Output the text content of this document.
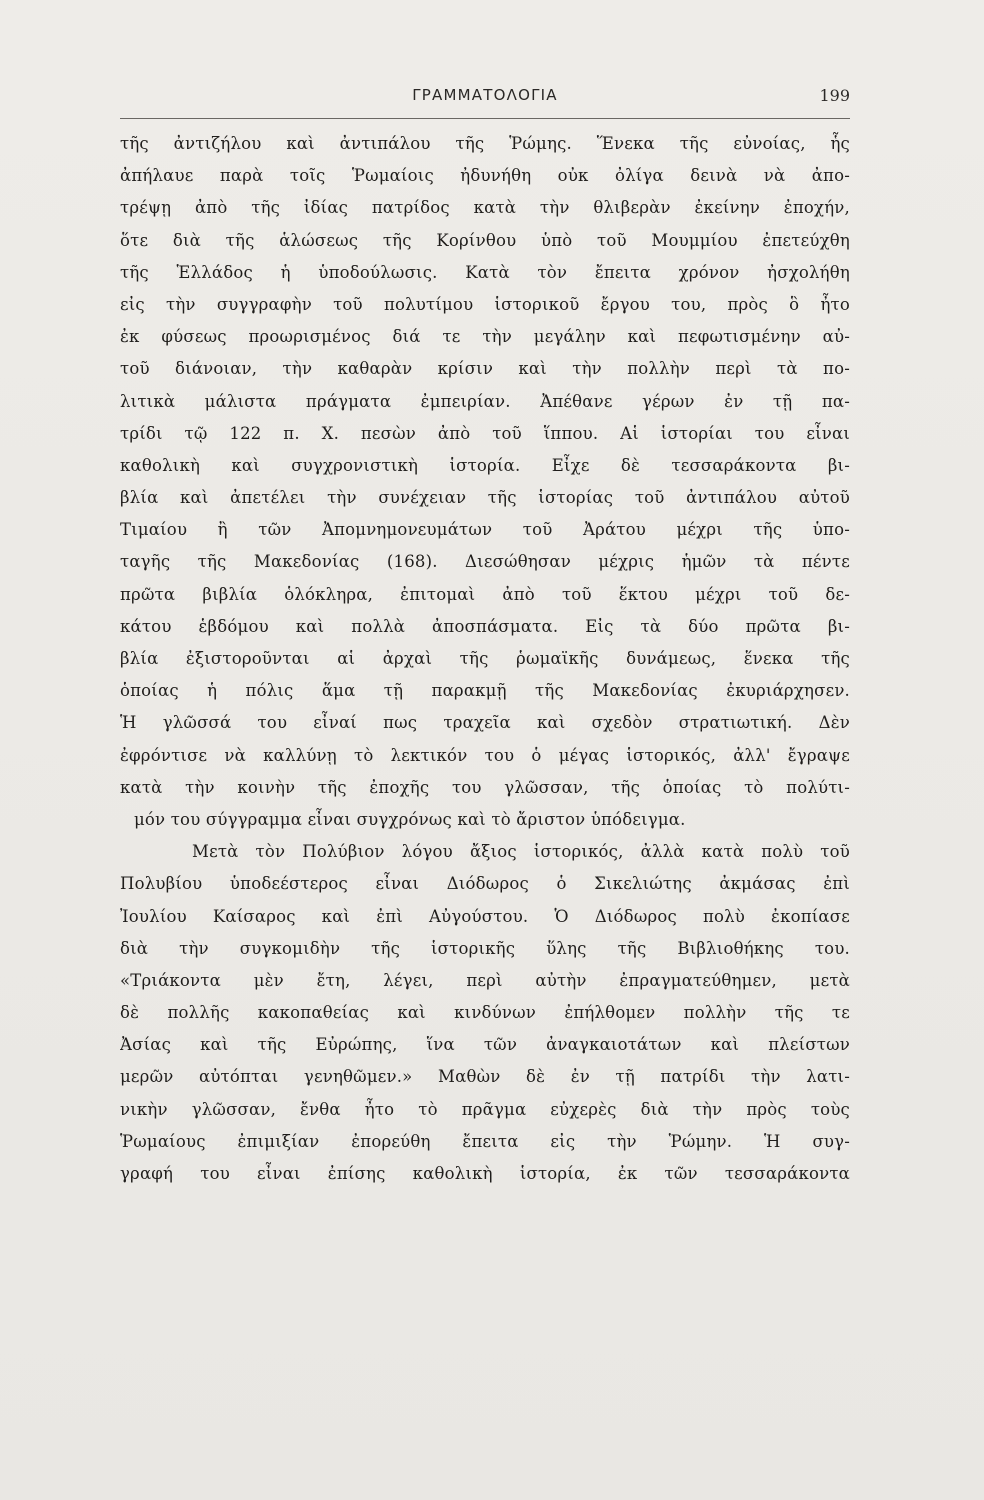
ΓΡΑΜΜΑΤΟΛΟΓΙΑ	199
τῆς ἀντιζήλου καὶ ἀντιπάλου τῆς Ῥώμης. Ἕνεκα τῆς εὐνοίας, ἧς
ἀπήλαυε παρὰ τοῖς Ῥωμαίοις ἠδυνήθη οὐκ ὀλίγα δεινὰ νὰ ἀπο-
τρέψῃ ἀπὸ τῆς ἰδίας πατρίδος κατὰ τὴν θλιβερὰν ἐκείνην ἐποχήν,
ὅτε διὰ τῆς ἁλώσεως τῆς Κορίνθου ὑπὸ τοῦ Μουμμίου ἐπετεύχθη
τῆς Ἑλλάδος ἡ ὑποδούλωσις. Κατὰ τὸν ἔπειτα χρόνον ἠσχολήθη
εἰς τὴν συγγραφὴν τοῦ πολυτίμου ἱστορικοῦ ἔργου του, πρὸς ὃ ἦτο
ἐκ φύσεως προωρισμένος διά τε τὴν μεγάλην καὶ πεφωτισμένην αὐ-
τοῦ διάνοιαν, τὴν καθαρὰν κρίσιν καὶ τὴν πολλὴν περὶ τὰ πο-
λιτικὰ μάλιστα πράγματα ἐμπειρίαν. Ἀπέθανε γέρων ἐν τῇ πα-
τρίδι τῷ 122 π. Χ. πεσὼν ἀπὸ τοῦ ἵππου. Αἱ ἱστορίαι του εἶναι
καθολικὴ καὶ συγχρονιστικὴ ἱστορία. Εἶχε δὲ τεσσαράκοντα βι-
βλία καὶ ἀπετέλει τὴν συνέχειαν τῆς ἱστορίας τοῦ ἀντιπάλου αὐτοῦ
Τιμαίου ἢ τῶν Ἀπομνημονευμάτων τοῦ Ἀράτου μέχρι τῆς ὑπο-
ταγῆς τῆς Μακεδονίας (168). Διεσώθησαν μέχρις ἡμῶν τὰ πέντε
πρῶτα βιβλία ὁλόκληρα, ἐπιτομαὶ ἀπὸ τοῦ ἕκτου μέχρι τοῦ δε-
κάτου ἑβδόμου καὶ πολλὰ ἀποσπάσματα. Εἰς τὰ δύο πρῶτα βι-
βλία ἐξιστοροῦνται αἱ ἀρχαὶ τῆς ῥωμαϊκῆς δυνάμεως, ἕνεκα τῆς
ὁποίας ἡ πόλις ἅμα τῇ παρακμῇ τῆς Μακεδονίας ἐκυριάρχησεν.
Ἡ γλῶσσά του εἶναί πως τραχεῖα καὶ σχεδὸν στρατιωτική. Δὲν
ἐφρόντισε νὰ καλλύνῃ τὸ λεκτικόν του ὁ μέγας ἱστορικός, ἀλλ' ἔγραψε
κατὰ τὴν κοινὴν τῆς ἐποχῆς του γλῶσσαν, τῆς ὁποίας τὸ πολύτι-
μόν του σύγγραμμα εἶναι συγχρόνως καὶ τὸ ἄριστον ὑπόδειγμα.
Μετὰ τὸν Πολύβιον λόγου ἄξιος ἱστορικός, ἀλλὰ κατὰ πολὺ τοῦ
Πολυβίου ὑποδεέστερος εἶναι Διόδωρος ὁ Σικελιώτης ἀκμάσας ἐπὶ
Ἰουλίου Καίσαρος καὶ ἐπὶ Αὐγούστου. Ὁ Διόδωρος πολὺ ἐκοπίασε
διὰ τὴν συγκομιδὴν τῆς ἱστορικῆς ὕλης τῆς Βιβλιοθήκης του.
«Τριάκοντα μὲν ἔτη, λέγει, περὶ αὐτὴν ἐπραγματεύθημεν, μετὰ
δὲ πολλῆς κακοπαθείας καὶ κινδύνων ἐπήλθομεν πολλὴν τῆς τε
Ἀσίας καὶ τῆς Εὐρώπης, ἵνα τῶν ἀναγκαιοτάτων καὶ πλείστων
μερῶν αὐτόπται γενηθῶμεν.» Μαθὼν δὲ ἐν τῇ πατρίδι τὴν λατι-
νικὴν γλῶσσαν, ἔνθα ἦτο τὸ πρᾶγμα εὐχερὲς διὰ τὴν πρὸς τοὺς
Ῥωμαίους ἐπιμιξίαν ἐπορεύθη ἔπειτα εἰς τὴν Ῥώμην. Ἡ συγ-
γραφή του εἶναι ἐπίσης καθολικὴ ἱστορία, ἐκ τῶν τεσσαράκοντα
